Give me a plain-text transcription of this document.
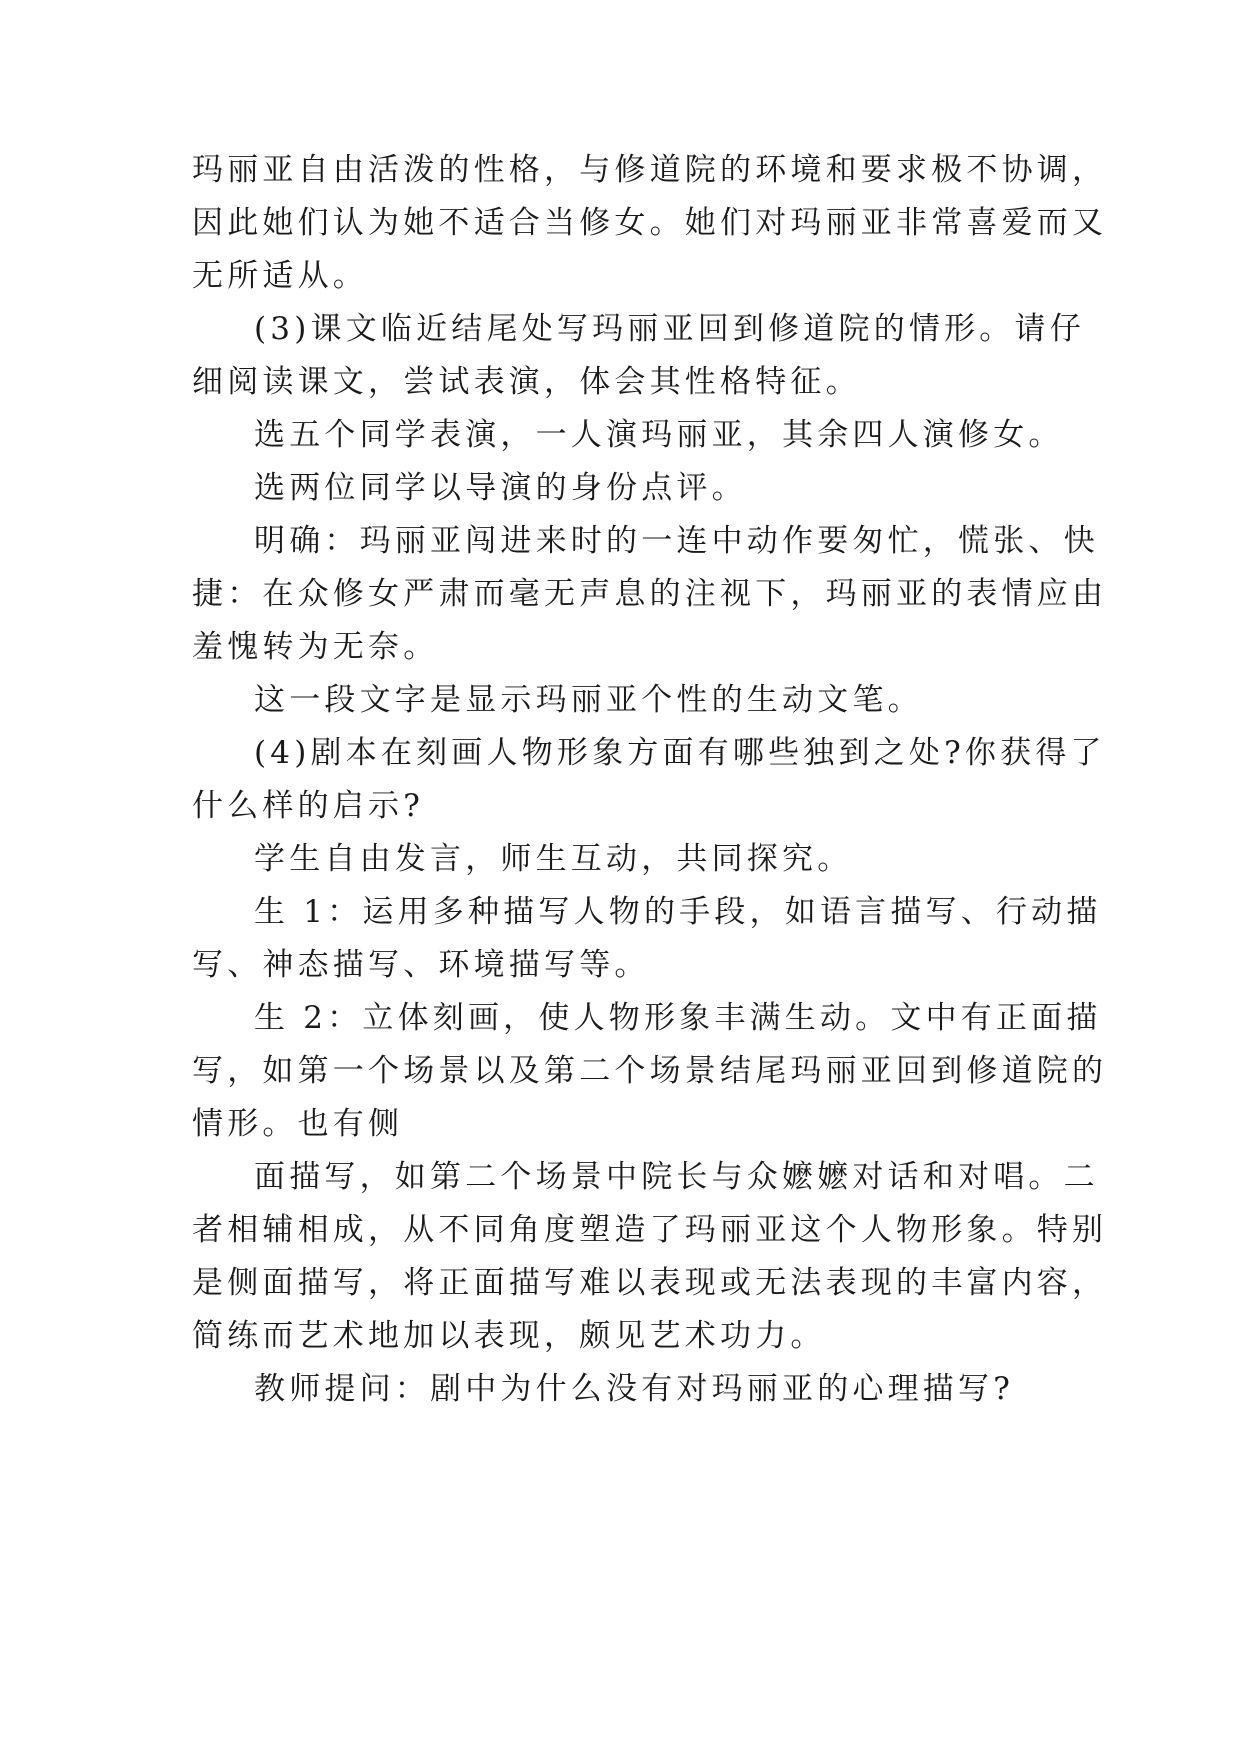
玛丽亚自由活泼的性格，与修道院的环境和要求极不协调，
因此她们认为她不适合当修女。她们对玛丽亚非常喜爱而又
无所适从。
(3)课文临近结尾处写玛丽亚回到修道院的情形。请仔
细阅读课文，尝试表演，体会其性格特征。
选五个同学表演，一人演玛丽亚，其余四人演修女。
选两位同学以导演的身份点评。
明确：玛丽亚闯进来时的一连中动作要匆忙，慌张、快
捷：在众修女严肃而毫无声息的注视下，玛丽亚的表情应由
羞愧转为无奈。
这一段文字是显示玛丽亚个性的生动文笔。
(4)剧本在刻画人物形象方面有哪些独到之处?你获得了
什么样的启示?
学生自由发言，师生互动，共同探究。
生 1：运用多种描写人物的手段，如语言描写、行动描
写、神态描写、环境描写等。
生 2：立体刻画，使人物形象丰满生动。文中有正面描
写，如第一个场景以及第二个场景结尾玛丽亚回到修道院的
情形。也有侧
面描写，如第二个场景中院长与众嬷嬷对话和对唱。二
者相辅相成，从不同角度塑造了玛丽亚这个人物形象。特别
是侧面描写，将正面描写难以表现或无法表现的丰富内容，
简练而艺术地加以表现，颇见艺术功力。
教师提问：剧中为什么没有对玛丽亚的心理描写?
